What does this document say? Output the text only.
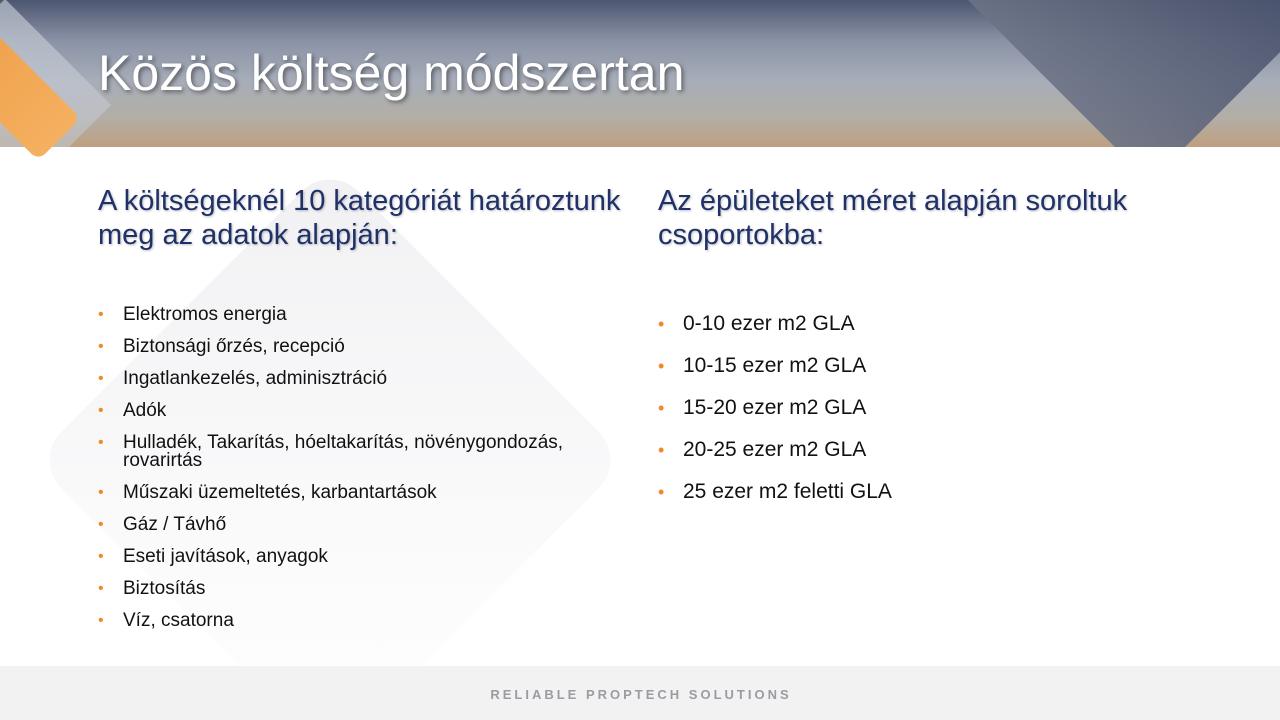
Közös költség módszertan
A költségeknél 10 kategóriát határoztunk meg az adatok alapján:
• Elektromos energia
• Biztonsági őrzés, recepció
• Ingatlankezelés, adminisztráció
• Adók
• Hulladék, Takarítás, hóeltakarítás, növénygondozás, rovarirtás
• Műszaki üzemeltetés, karbantartások
• Gáz / Távhő
• Eseti javítások, anyagok
• Biztosítás
• Víz, csatorna
Az épületeket méret alapján soroltuk csoportokba:
• 0-10 ezer m2 GLA
• 10-15 ezer m2 GLA
• 15-20 ezer m2 GLA
• 20-25 ezer m2 GLA
• 25 ezer m2 feletti GLA
RELIABLE PROPTECH SOLUTIONS
